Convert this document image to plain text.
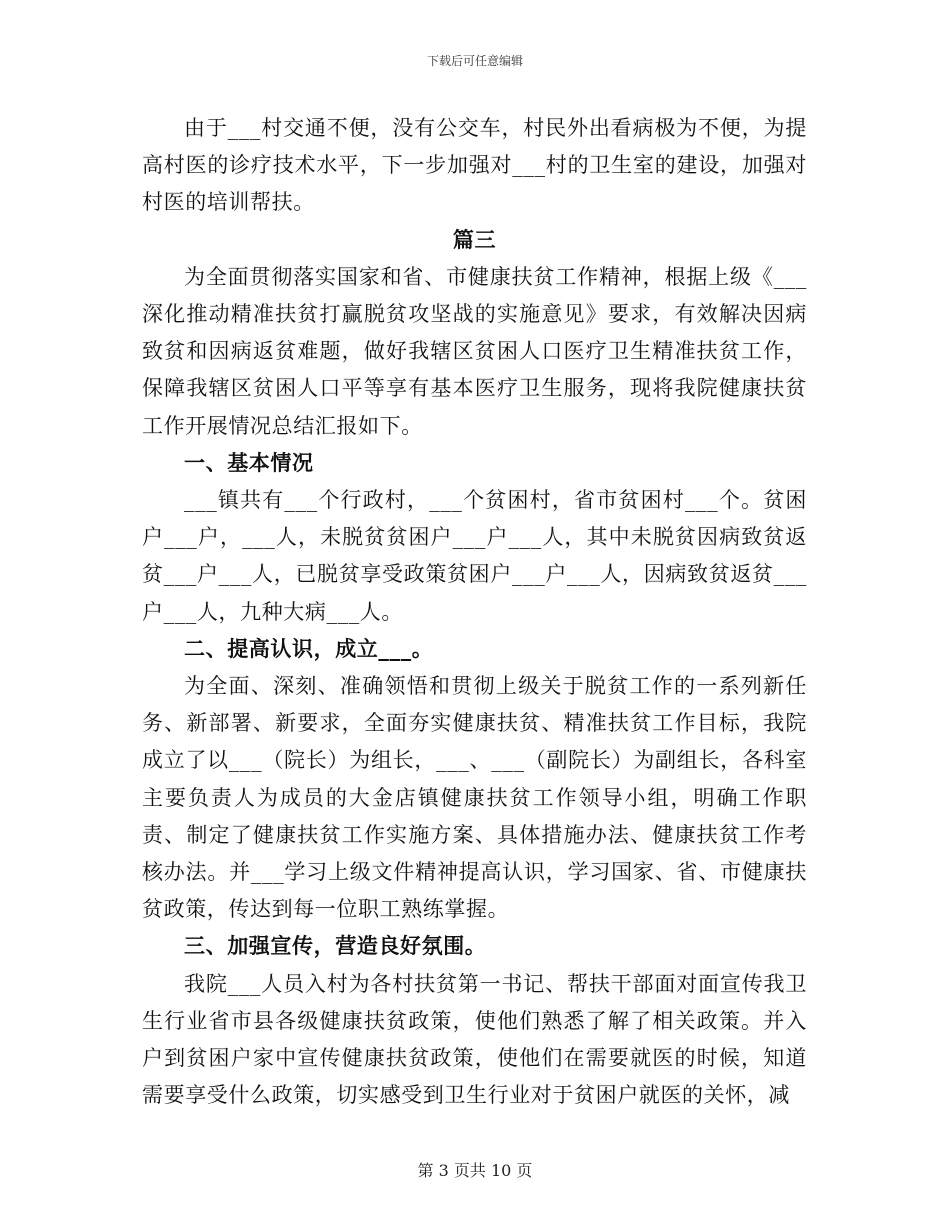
下载后可任意编辑

由于___村交通不便，没有公交车，村民外出看病极为不便，为提高村医的诊疗技术水平，下一步加强对___村的卫生室的建设，加强对村医的培训帮扶。

篇三

为全面贯彻落实国家和省、市健康扶贫工作精神，根据上级《___深化推动精准扶贫打赢脱贫攻坚战的实施意见》要求，有效解决因病致贫和因病返贫难题，做好我辖区贫困人口医疗卫生精准扶贫工作，保障我辖区贫困人口平等享有基本医疗卫生服务，现将我院健康扶贫工作开展情况总结汇报如下。

一、基本情况

___镇共有___个行政村，___个贫困村，省市贫困村___个。贫困户___户，___人，未脱贫贫困户___户___人，其中未脱贫因病致贫返贫___户___人，已脱贫享受政策贫困户___户___人，因病致贫返贫___户___人，九种大病___人。

二、提高认识，成立___。

为全面、深刻、准确领悟和贯彻上级关于脱贫工作的一系列新任务、新部署、新要求，全面夯实健康扶贫、精准扶贫工作目标，我院成立了以___（院长）为组长，___、___（副院长）为副组长，各科室主要负责人为成员的大金店镇健康扶贫工作领导小组，明确工作职责、制定了健康扶贫工作实施方案、具体措施办法、健康扶贫工作考核办法。并___学习上级文件精神提高认识，学习国家、省、市健康扶贫政策，传达到每一位职工熟练掌握。

三、加强宣传，营造良好氛围。

我院___人员入村为各村扶贫第一书记、帮扶干部面对面宣传我卫生行业省市县各级健康扶贫政策，使他们熟悉了解了相关政策。并入户到贫困户家中宣传健康扶贫政策，使他们在需要就医的时候，知道需要享受什么政策，切实感受到卫生行业对于贫困户就医的关怀，减

第 3 页共 10 页
